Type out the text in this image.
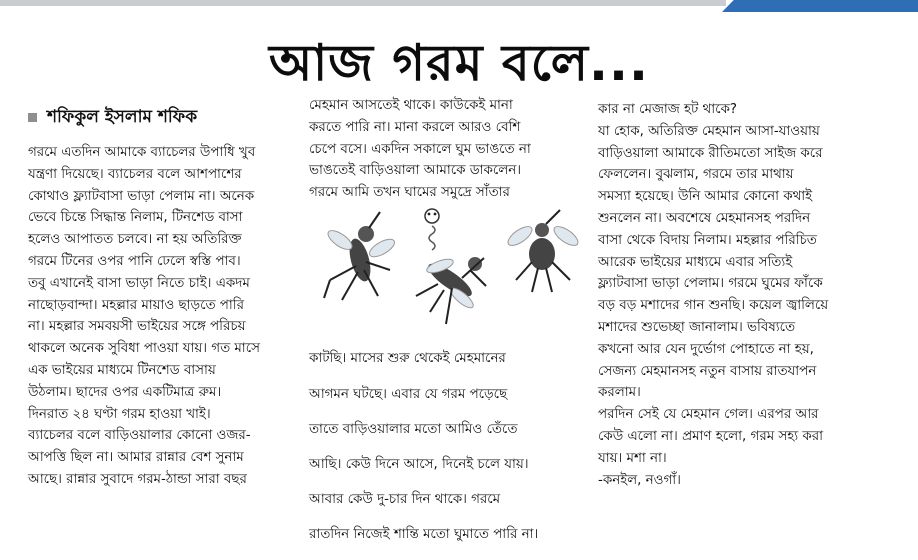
আজ গরম বলে...
শফিকুল ইসলাম শফিক

গরমে এতদিন আমাকে ব্যাচেলর উপাধি খুব

যন্ত্রণা দিয়েছে। ব্যাচেলর বলে আশপাশের

কোথাও ফ্ল্যাটবাসা ভাড়া পেলাম না। অনেক

ভেবে চিন্তে সিদ্ধান্ত নিলাম, টিনশেড বাসা

হলেও আপাতত চলবে। না হয় অতিরিক্ত

গরমে টিনের ওপর পানি ঢেলে স্বস্তি পাব।

তবু এখানেই বাসা ভাড়া নিতে চাই। একদম

নাছোড়বান্দা। মহল্লার মায়াও ছাড়তে পারি

না। মহল্লার সমবয়সী ভাইয়ের সঙ্গে পরিচয়

থাকলে অনেক সুবিধা পাওয়া যায়। গত মাসে

এক ভাইয়ের মাধ্যমে টিনশেড বাসায়

উঠলাম। ছাদের ওপর একটিমাত্র রুম।

দিনরাত ২৪ ঘণ্টা গরম হাওয়া খাই।

ব্যাচেলর বলে বাড়িওয়ালার কোনো ওজর-

আপত্তি ছিল না। আমার রান্নার বেশ সুনাম

আছে। রান্নার সুবাদে গরম-ঠান্ডা সারা বছর

মেহমান আসতেই থাকে। কাউকেই মানা

করতে পারি না। মানা করলে আরও বেশি

চেপে বসে। একদিন সকালে ঘুম ভাঙতে না

ভাঙতেই বাড়িওয়ালা আমাকে ডাকলেন।

গরমে আমি তখন ঘামের সমুদ্রে সাঁতার

কাটছি। মাসের শুরু থেকেই মেহমানের

আগমন ঘটছে। এবার যে গরম পড়েছে

তাতে বাড়িওয়ালার মতো আমিও তেঁতে

আছি। কেউ দিনে আসে, দিনেই চলে যায়।

আবার কেউ দু-চার দিন থাকে। গরমে

রাতদিন নিজেই শান্তি মতো ঘুমাতে পারি না।

কার না মেজাজ হট থাকে?

যা হোক, অতিরিক্ত মেহমান আসা-যাওয়ায়

বাড়িওয়ালা আমাকে রীতিমতো সাইজ করে

ফেললেন। বুঝলাম, গরমে তার মাথায়

সমস্যা হয়েছে। উনি আমার কোনো কথাই

শুনলেন না। অবশেষে মেহমানসহ পরদিন

বাসা থেকে বিদায় নিলাম। মহল্লার পরিচিত

আরেক ভাইয়ের মাধ্যমে এবার সত্যিই

ফ্ল্যাটবাসা ভাড়া পেলাম। গরমে ঘুমের ফাঁকে

বড় বড় মশাদের গান শুনছি। কয়েল জ্বালিয়ে

মশাদের শুভেচ্ছা জানালাম। ভবিষ্যতে

কখনো আর যেন দুর্ভোগ পোহাতে না হয়,

সেজন্য মেহমানসহ নতুন বাসায় রাতযাপন

করলাম।

পরদিন সেই যে মেহমান গেল। এরপর আর

কেউ এলো না। প্রমাণ হলো, গরম সহ্য করা

যায়। মশা না।

-কনইল, নওগাঁ।
